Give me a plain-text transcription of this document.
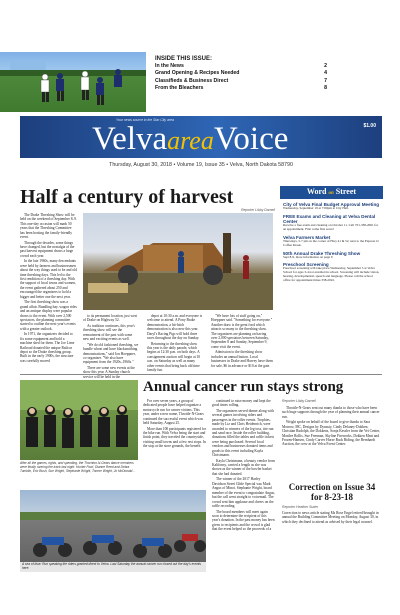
INSIDE THIS ISSUE:
In the News	2
Grand Opening & Recipes Needed	4
Classifieds & Business Direct	7
From the Bleachers	8
Your news source in the Star City area
$1.00
VelvaareaVoice
Thursday, August 30, 2018 • Volume 19, Issue 35 • Velva, North Dakota 58790
Half a century of harvest
Reporter Libby Darnell

The Drake Threshing Show will be held on the weekend of September 8–9. This one-day occasion will mark 50 years that the Threshing Committee has been hosting the family-friendly event.

Through the decades, some things have changed, but the nostalgia of the past harvest equipment draws a large crowd each year.

In the late 1960s, many descendants were held by farmers and businessmen about the way things used to be and old time threshing days. This led to the first rendition of a threshing day. With the support of local towns and women, the event gathered about 250 and encouraged the organizers to hold a bigger and better one the next year.

The first threshing show was a grand affair. Bundling hay, wagon rides and an antique display were popular draws to the event. With over 2,500 spectators, the planning committee started to outline the next year's events with a greater outlook.

In 1971, the organizers decided to fix some equipment and hold a machine shed for them. The Joe Lime Railroad donated the unique Railcar depot so the Drake threshing group. Built in the early 1900s, the structure was carefully moved

to its permanent location, just west of Drake on Highway 52.

As tradition continues, this year's threshing show will see the reenactment of the past with some new and exciting events as well.

"We do old fashioned threshing, we bundle wheat and have blacksmithing demonstrations," said Jon Hoeppner, co-organizer. "We also have equipment from the 1920s–1960s."

There are some new events at the show this year. A Sunday church service will be held in the

depot at 10:30 a.m. and everyone is welcome to attend. A Pony Brake demonstration, a hit-hitch demonstration is also new this year. Daryl's Racing Pigs will hold three races throughout the day on Sunday.

Returning to the threshing show this year is the daily parade, which begins at 12:30 p.m. on both days. A consignment auction will begin at 10 a.m. on Saturday as well as many other events that bring back old time family fun.

"We have lots of stuff going on," Hoeppner said. "Something for everyone." Another draw is the great food which attracts so many to the threshing show. The organizers are planning on having over 2,000 spectators between Saturday, September 8 and Sunday, September 9, come visit the event.

Admission to the threshing show includes an annual button. Local businesses in Drake and Harvey have them for sale, $6 in advance or $10 at the gate.

Word on Street

City of Velva Final Budget Approval Meeting

Wednesday, September 19 at 7:00pm at City Hall.

FREE Exams and Cleaning at Velva Dental Center

Receive a free exam and cleaning on October 11. Call 701-338-2061 for an appointment. First come first serve!

Velva Farmers Market

Thursdays, 5-7 pm on the corner of Hwy 41 & 52, next to the Express O Coffee Kiosk.

50th Annual Drake Threshing Show

Sept 8-9, more information on page 9

Preschool Screening

Preschool screening will take place Wednesday, September 5 at Velva School for ages 3-4 not enrolled in school. Screening will include vision, hearing, developmental, speech and language. Please call the school office for appointment times 338-2022.

After all the games, rights, and spending, the Thornton-N-Gears dance members were finally running the track last night. Hunter Fowl, Dianne Reed and Debra Tumblin, Eric Bush, Sue Wright, Stephanie Wright, Tonner Wright, Jo McDonald...
Annual cancer run stays strong

For over seven years, a group of dedicated people have helped organize a motorcycle run for cancer victims. This year, under a new name, Throttle-N-Gears continued the successful event which was held Saturday, August 25.

More than 100 participants registered for the bike run. With Velva being the start and finish point, they traveled the countryside, visiting small towns and a few rest stops. In the stop at the store grounds, the benefit

continued to raise money and kept the good times rolling.

The organizers served dinner along with several games involving riders and passengers in the roller events. Trophies, made by Liz and Chris Heidenrich, were awarded to winners of the leg toss, tire run and sand race. Inside the roller building, donations filled the tables and raffle tickets were being purchased. Several local vendors and businesses donated items and goods to this event including Kayla Christmann.

Kayla Christmann, a beauty vendor from Kalifonsy, carried a length as she was shown as the winner of the bowler basket that she had donated.

The winner of the 2017 Harley Davidson Street Glide Special was Mark Angus of Minot. Stephanie Wright, board member of the event to congratulate Angus, but the call went straight to voicemail. The crowd sent him applause and cheers on the raffle recording.

The board members will meet again soon to determine the recipient of this year's donation. In the past money has been given to recipients and the crowd is glad that the event helped so the proceeds of a

Reporter Libby Darnell

Throttle-N-Gears sent out many thanks to those who have been such huge supports through the year of planning their annual cancer run.

Wright spoke on behalf of the board to give thanks to Sara Morrow, MC, Designs by Dynasty, Cindy Delaney-Dokken, Christian Rudolph, the Dokkens, Sonja Kessler from the Vet Center, Marilee Rollis, Sue Freeman, Skyline Fireworks, Dokken Meat and Frozen-Hansen, Cindy Carver Horse Back Riding, the Bernhardt Auction, the crew at the Velva Event Center.

A sea of blue: Run speaking the riders granted direct to Velva. Last Saturday the annual cancer run closed out the day's events here.
Correction on Issue 34 for 8-23-18
Reporter Heather Suder
Correction to news article stating Ms Rose Engel retired/brought in annual the Building Committee Meeting on Monday, August 30, in which they declined to attend as advised by their legal counsel.
